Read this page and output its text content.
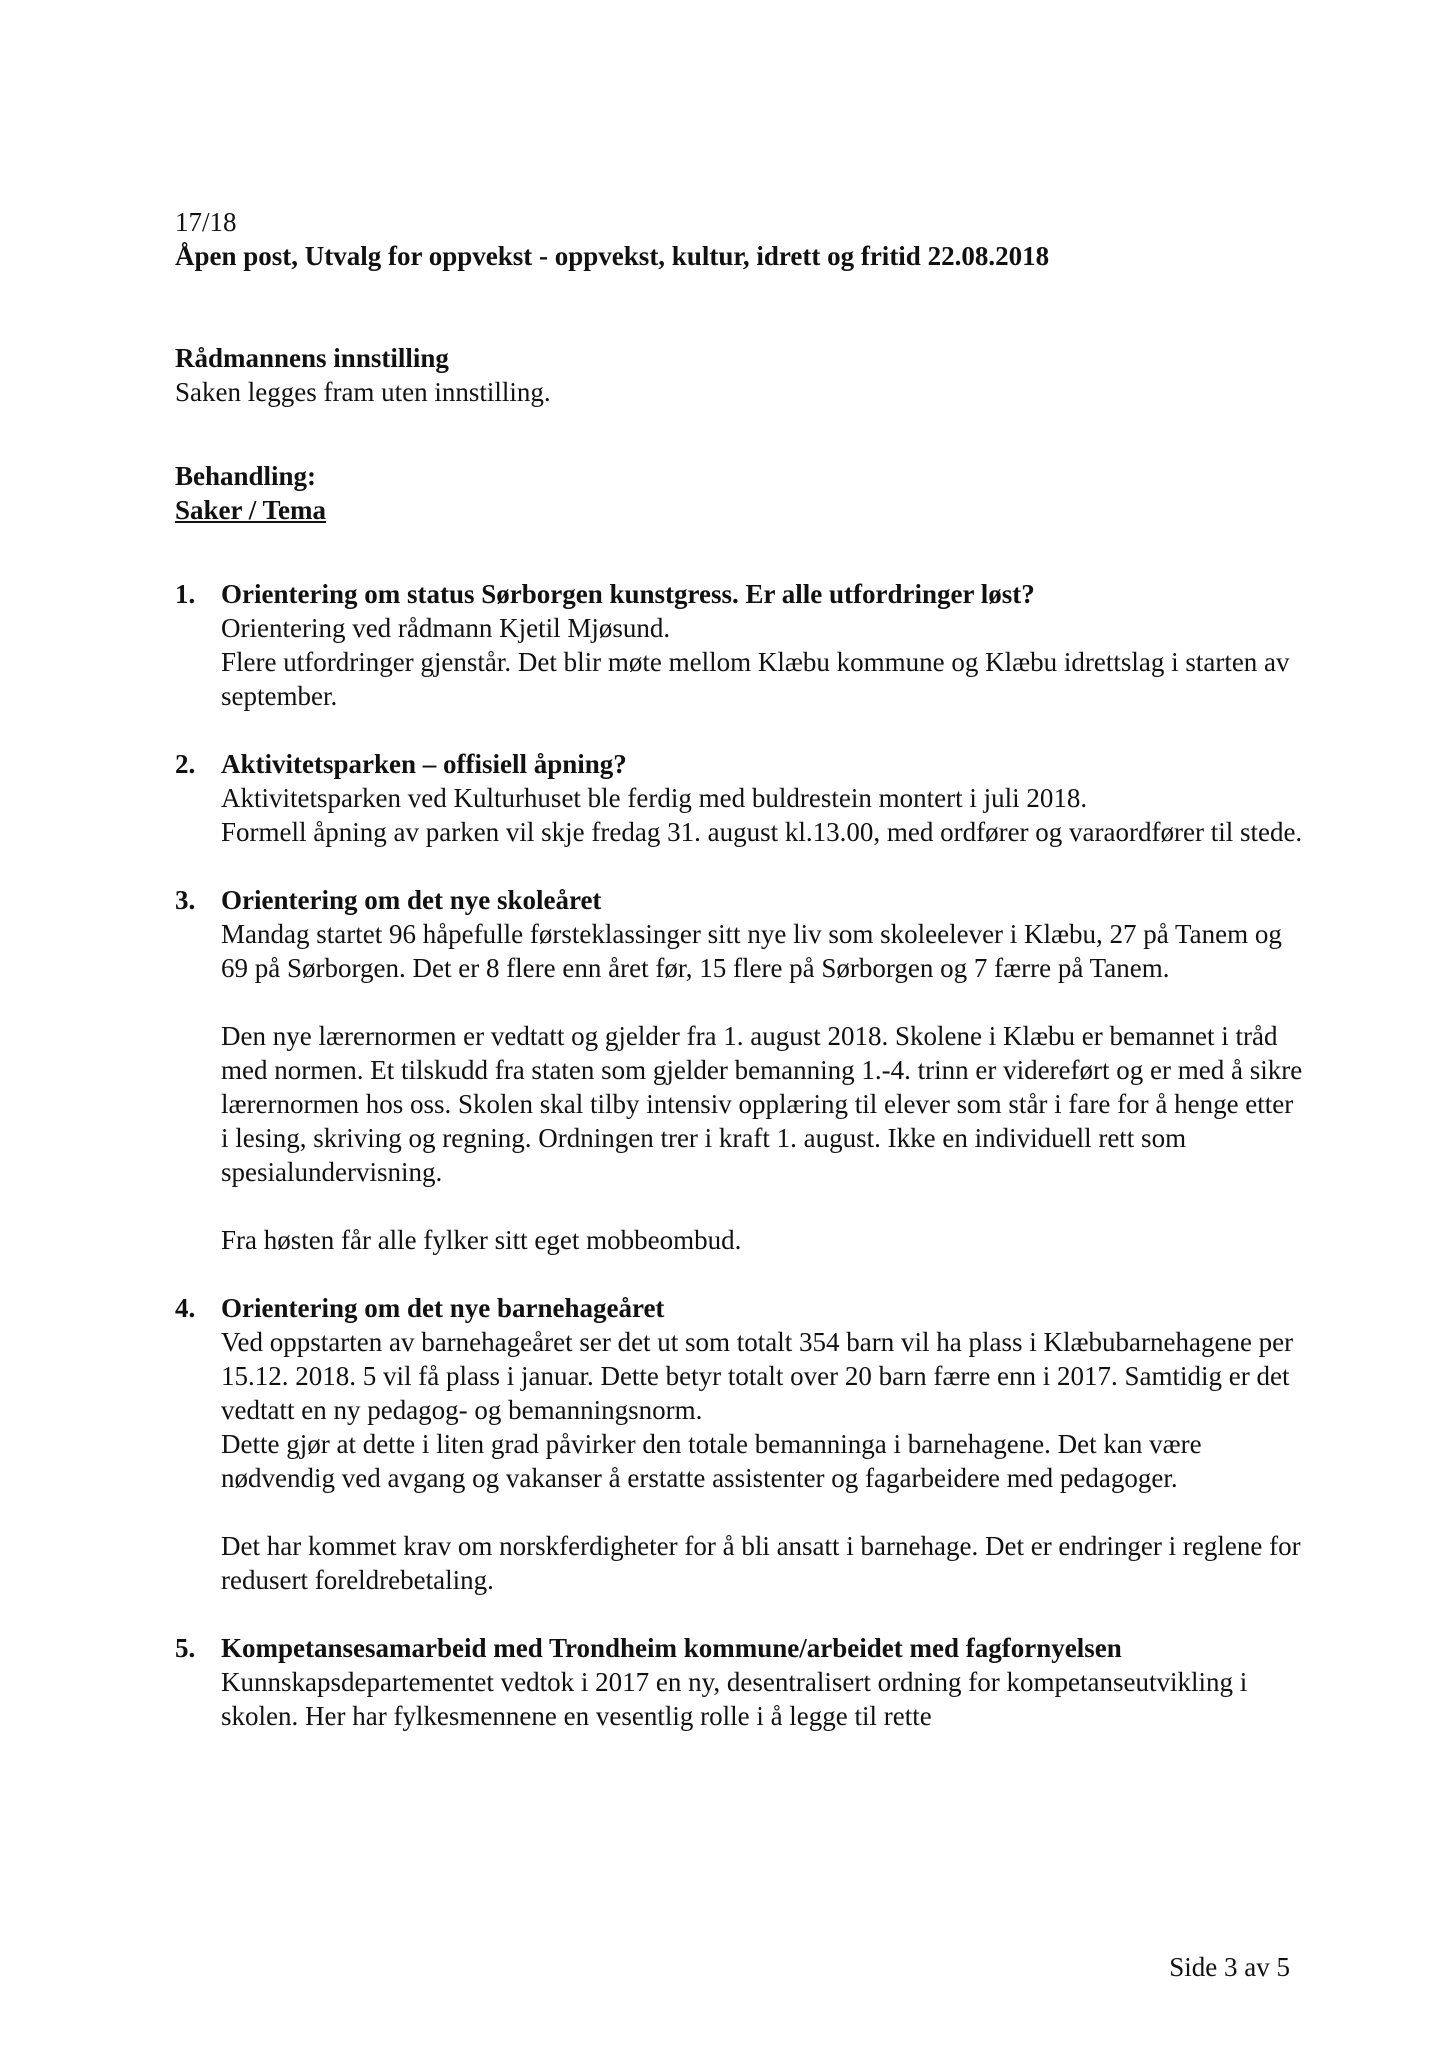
17/18

Åpen post, Utvalg for oppvekst - oppvekst, kultur, idrett og fritid 22.08.2018

Rådmannens innstilling

Saken legges fram uten innstilling.

Behandling:

Saker / Tema

1. Orientering om status Sørborgen kunstgress. Er alle utfordringer løst?

Orientering ved rådmann Kjetil Mjøsund.

Flere utfordringer gjenstår. Det blir møte mellom Klæbu kommune og Klæbu idrettslag i starten av september.

2. Aktivitetsparken – offisiell åpning?

Aktivitetsparken ved Kulturhuset ble ferdig med buldrestein montert i juli 2018.

Formell åpning av parken vil skje fredag 31. august kl.13.00, med ordfører og varaordfører til stede.

3. Orientering om det nye skoleåret

Mandag startet 96 håpefulle førsteklassinger sitt nye liv som skoleelever i Klæbu, 27 på Tanem og 69 på Sørborgen. Det er 8 flere enn året før, 15 flere på Sørborgen og 7 færre på Tanem.

Den nye lærernormen er vedtatt og gjelder fra 1. august 2018. Skolene i Klæbu er bemannet i tråd med normen. Et tilskudd fra staten som gjelder bemanning 1.-4. trinn er videreført og er med å sikre lærernormen hos oss. Skolen skal tilby intensiv opplæring til elever som står i fare for å henge etter i lesing, skriving og regning. Ordningen trer i kraft 1. august. Ikke en individuell rett som spesialundervisning.

Fra høsten får alle fylker sitt eget mobbeombud.

4. Orientering om det nye barnehageåret

Ved oppstarten av barnehageåret ser det ut som totalt 354 barn vil ha plass i Klæbubarnehagene per 15.12. 2018. 5 vil få plass i januar. Dette betyr totalt over 20 barn færre enn i 2017. Samtidig er det vedtatt en ny pedagog- og bemanningsnorm.

Dette gjør at dette i liten grad påvirker den totale bemanninga i barnehagene. Det kan være nødvendig ved avgang og vakanser å erstatte assistenter og fagarbeidere med pedagoger.

Det har kommet krav om norskferdigheter for å bli ansatt i barnehage. Det er endringer i reglene for redusert foreldrebetaling.

5. Kompetansesamarbeid med Trondheim kommune/arbeidet med fagfornyelsen

Kunnskapsdepartementet vedtok i 2017 en ny, desentralisert ordning for kompetanseutvikling i skolen. Her har fylkesmennene en vesentlig rolle i å legge til rette

Side 3 av 5
